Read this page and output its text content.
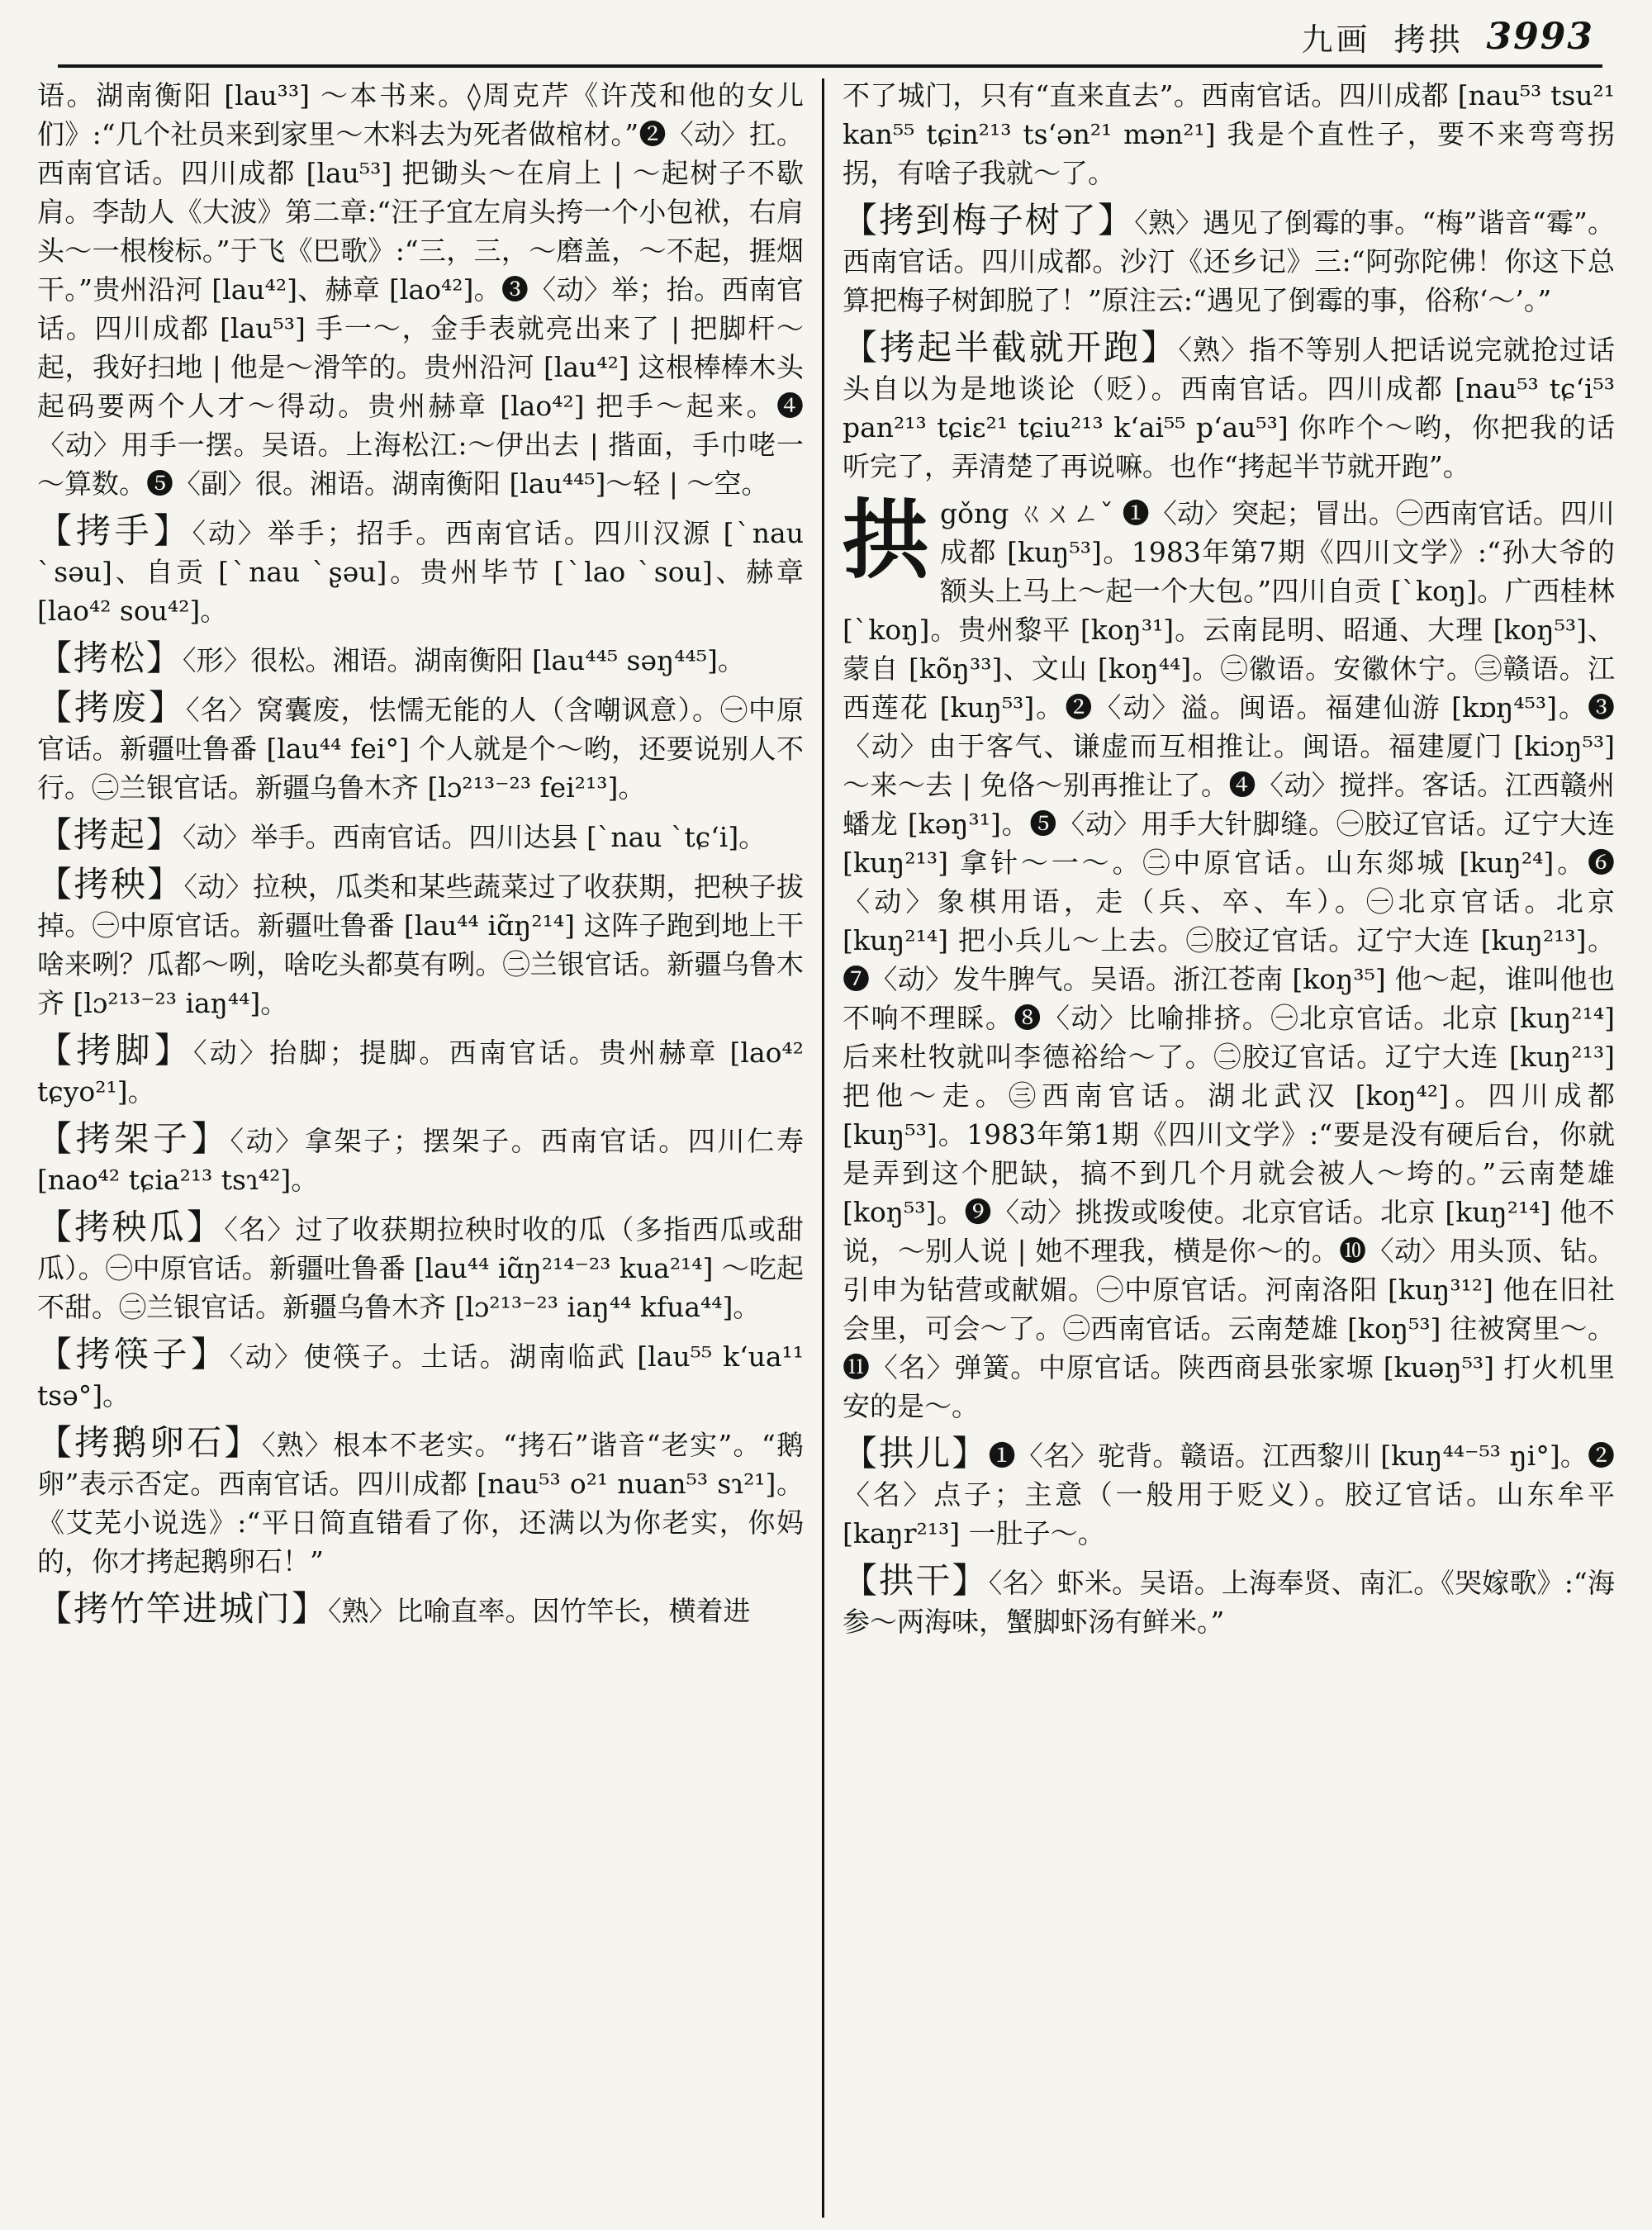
九画 拷拱 3993

语。湖南衡阳 [lau³³] ～本书来。◊周克芹《许茂和他的女儿们》:“几个社员来到家里～木料去为死者做棺材。”❷〈动〉扛。西南官话。四川成都 [lau⁵³] 把锄头～在肩上 | ～起树子不歇肩。李劼人《大波》第二章:“汪子宜左肩头挎一个小包袱，右肩头～一根梭标。”于飞《巴歌》:“三，三，～磨盖，～不起，捱烟干。”贵州沿河 [lau⁴²]、赫章 [lao⁴²]。❸〈动〉举；抬。西南官话。四川成都 [lau⁵³] 手一～，金手表就亮出来了 | 把脚杆～起，我好扫地 | 他是～滑竿的。贵州沿河 [lau⁴²] 这根棒棒木头起码要两个人才～得动。贵州赫章 [lao⁴²] 把手～起来。❹〈动〉用手一摆。吴语。上海松江:～伊出去 | 揩面，手巾咾一～算数。❺〈副〉很。湘语。湖南衡阳 [lau⁴⁴⁵]～轻 | ～空。

【拷手】〈动〉举手；招手。西南官话。四川汉源 [ˋnau ˋsəu]、自贡 [ˋnau ˋʂəu]。贵州毕节 [ˋlao ˋsou]、赫章 [lao⁴² sou⁴²]。

【拷松】〈形〉很松。湘语。湖南衡阳 [lau⁴⁴⁵ səŋ⁴⁴⁵]。

【拷废】〈名〉窝囊废，怯懦无能的人（含嘲讽意）。㊀中原官话。新疆吐鲁番 [lau⁴⁴ fei°] 个人就是个～哟，还要说别人不行。㊁兰银官话。新疆乌鲁木齐 [lɔ²¹³⁻²³ fei²¹³]。

【拷起】〈动〉举手。西南官话。四川达县 [ˋnau ˋtɕʻi]。

【拷秧】〈动〉拉秧，瓜类和某些蔬菜过了收获期，把秧子拔掉。㊀中原官话。新疆吐鲁番 [lau⁴⁴ iɑ̃ŋ²¹⁴] 这阵子跑到地上干啥来咧？瓜都～咧，啥吃头都莫有咧。㊁兰银官话。新疆乌鲁木齐 [lɔ²¹³⁻²³ iaŋ⁴⁴]。

【拷脚】〈动〉抬脚；提脚。西南官话。贵州赫章 [lao⁴² tɕyo²¹]。

【拷架子】〈动〉拿架子；摆架子。西南官话。四川仁寿 [nao⁴² tɕia²¹³ tsɿ⁴²]。

【拷秧瓜】〈名〉过了收获期拉秧时收的瓜（多指西瓜或甜瓜）。㊀中原官话。新疆吐鲁番 [lau⁴⁴ iɑ̃ŋ²¹⁴⁻²³ kua²¹⁴] ～吃起不甜。㊁兰银官话。新疆乌鲁木齐 [lɔ²¹³⁻²³ iaŋ⁴⁴ kfua⁴⁴]。

【拷筷子】〈动〉使筷子。土话。湖南临武 [lau⁵⁵ kʻua¹¹ tsə°]。

【拷鹅卵石】〈熟〉根本不老实。“拷石”谐音“老实”。“鹅卵”表示否定。西南官话。四川成都 [nau⁵³ o²¹ nuan⁵³ sɿ²¹]。《艾芜小说选》:“平日简直错看了你，还满以为你老实，你妈的，你才拷起鹅卵石！”

【拷竹竿进城门】〈熟〉比喻直率。因竹竿长，横着进

不了城门，只有“直来直去”。西南官话。四川成都 [nau⁵³ tsu²¹ kan⁵⁵ tɕin²¹³ tsʻən²¹ mən²¹] 我是个直性子，要不来弯弯拐拐，有啥子我就～了。

【拷到梅子树了】〈熟〉遇见了倒霉的事。“梅”谐音“霉”。西南官话。四川成都。沙汀《还乡记》三:“阿弥陀佛！你这下总算把梅子树卸脱了！”原注云:“遇见了倒霉的事，俗称‘～’。”

【拷起半截就开跑】〈熟〉指不等别人把话说完就抢过话头自以为是地谈论（贬）。西南官话。四川成都 [nau⁵³ tɕʻi⁵³ pan²¹³ tɕiɛ²¹ tɕiu²¹³ kʻai⁵⁵ pʻau⁵³] 你咋个～哟，你把我的话听完了，弄清楚了再说嘛。也作“拷起半节就开跑”。

拱gǒng ㄍㄨㄥˇ ❶〈动〉突起；冒出。㊀西南官话。四川成都 [kuŋ⁵³]。1983年第7期《四川文学》:“孙大爷的额头上马上～起一个大包。”四川自贡 [ˋkoŋ]。广西桂林 [ˋkoŋ]。贵州黎平 [koŋ³¹]。云南昆明、昭通、大理 [koŋ⁵³]、蒙自 [kõŋ³³]、文山 [koŋ⁴⁴]。㊁徽语。安徽休宁。㊂赣语。江西莲花 [kuŋ⁵³]。❷〈动〉溢。闽语。福建仙游 [kɒŋ⁴⁵³]。❸〈动〉由于客气、谦虚而互相推让。闽语。福建厦门 [kiɔŋ⁵³] ～来～去 | 免佫～别再推让了。❹〈动〉搅拌。客话。江西赣州蟠龙 [kəŋ³¹]。❺〈动〉用手大针脚缝。㊀胶辽官话。辽宁大连 [kuŋ²¹³] 拿针～一～。㊁中原官话。山东郯城 [kuŋ²⁴]。❻〈动〉象棋用语，走（兵、卒、车）。㊀北京官话。北京 [kuŋ²¹⁴] 把小兵儿～上去。㊁胶辽官话。辽宁大连 [kuŋ²¹³]。❼〈动〉发牛脾气。吴语。浙江苍南 [koŋ³⁵] 他～起，谁叫他也不响不理睬。❽〈动〉比喻排挤。㊀北京官话。北京 [kuŋ²¹⁴] 后来杜牧就叫李德裕给～了。㊁胶辽官话。辽宁大连 [kuŋ²¹³] 把他～走。㊂西南官话。湖北武汉 [koŋ⁴²]。四川成都 [kuŋ⁵³]。1983年第1期《四川文学》:“要是没有硬后台，你就是弄到这个肥缺，搞不到几个月就会被人～垮的。”云南楚雄 [koŋ⁵³]。❾〈动〉挑拨或唆使。北京官话。北京 [kuŋ²¹⁴] 他不说，～别人说 | 她不理我，横是你～的。❿〈动〉用头顶、钻。引申为钻营或献媚。㊀中原官话。河南洛阳 [kuŋ³¹²] 他在旧社会里，可会～了。㊁西南官话。云南楚雄 [koŋ⁵³] 往被窝里～。⓫〈名〉弹簧。中原官话。陕西商县张家塬 [kuəŋ⁵³] 打火机里安的是～。

【拱儿】❶〈名〉驼背。赣语。江西黎川 [kuŋ⁴⁴⁻⁵³ ŋi°]。❷〈名〉点子；主意（一般用于贬义）。胶辽官话。山东牟平 [kaŋr²¹³] 一肚子～。

【拱干】〈名〉虾米。吴语。上海奉贤、南汇。《哭嫁歌》:“海参～两海味，蟹脚虾汤有鲜米。”
